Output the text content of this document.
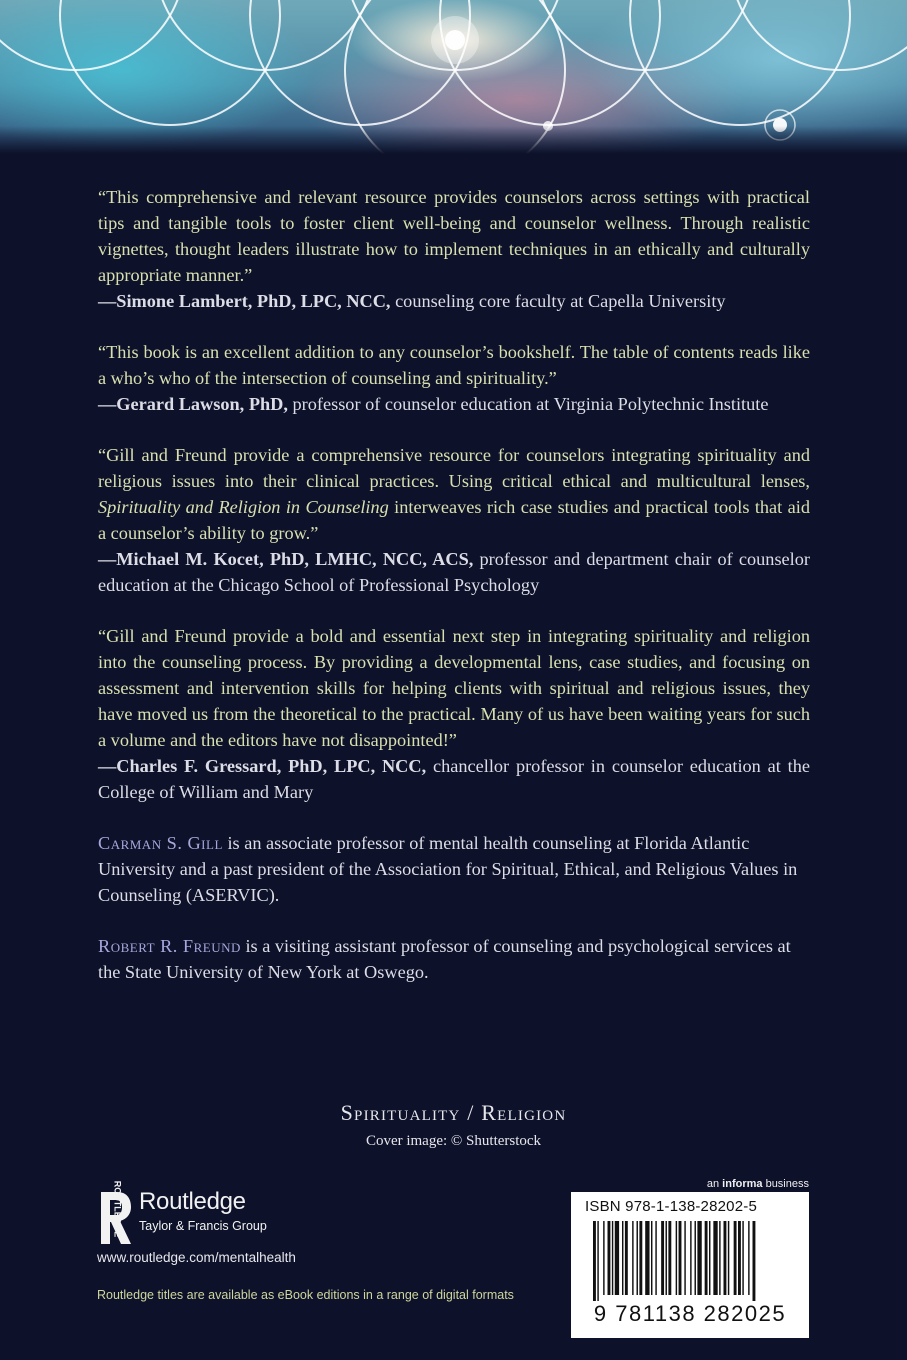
“This comprehensive and relevant resource provides counselors across settings with practical tips and tangible tools to foster client well-being and counselor wellness. Through realistic vignettes, thought leaders illustrate how to implement techniques in an ethically and culturally appropriate manner.”
—Simone Lambert, PhD, LPC, NCC, counseling core faculty at Capella University
“This book is an excellent addition to any counselor’s bookshelf. The table of contents reads like a who’s who of the intersection of counseling and spirituality.”
—Gerard Lawson, PhD, professor of counselor education at Virginia Polytechnic Institute
“Gill and Freund provide a comprehensive resource for counselors integrating spirituality and religious issues into their clinical practices. Using critical ethical and multicultural lenses, Spirituality and Religion in Counseling interweaves rich case studies and practical tools that aid a counselor’s ability to grow.”
—Michael M. Kocet, PhD, LMHC, NCC, ACS, professor and department chair of counselor education at the Chicago School of Professional Psychology
“Gill and Freund provide a bold and essential next step in integrating spirituality and religion into the counseling process. By providing a developmental lens, case studies, and focusing on assessment and intervention skills for helping clients with spiritual and religious issues, they have moved us from the theoretical to the practical. Many of us have been waiting years for such a volume and the editors have not disappointed!”
—Charles F. Gressard, PhD, LPC, NCC, chancellor professor in counselor education at the College of William and Mary
Carman S. Gill is an associate professor of mental health counseling at Florida Atlantic University and a past president of the Association for Spiritual, Ethical, and Religious Values in Counseling (ASERVIC).
Robert R. Freund is a visiting assistant professor of counseling and psychological services at the State University of New York at Oswego.
Spirituality / Religion
Cover image: © Shutterstock
ROUTLEDGE Routledge
Taylor & Francis Group
www.routledge.com/mentalhealth
Routledge titles are available as eBook editions in a range of digital formats
an informa business
ISBN 978-1-138-28202-5
9 781138 282025
